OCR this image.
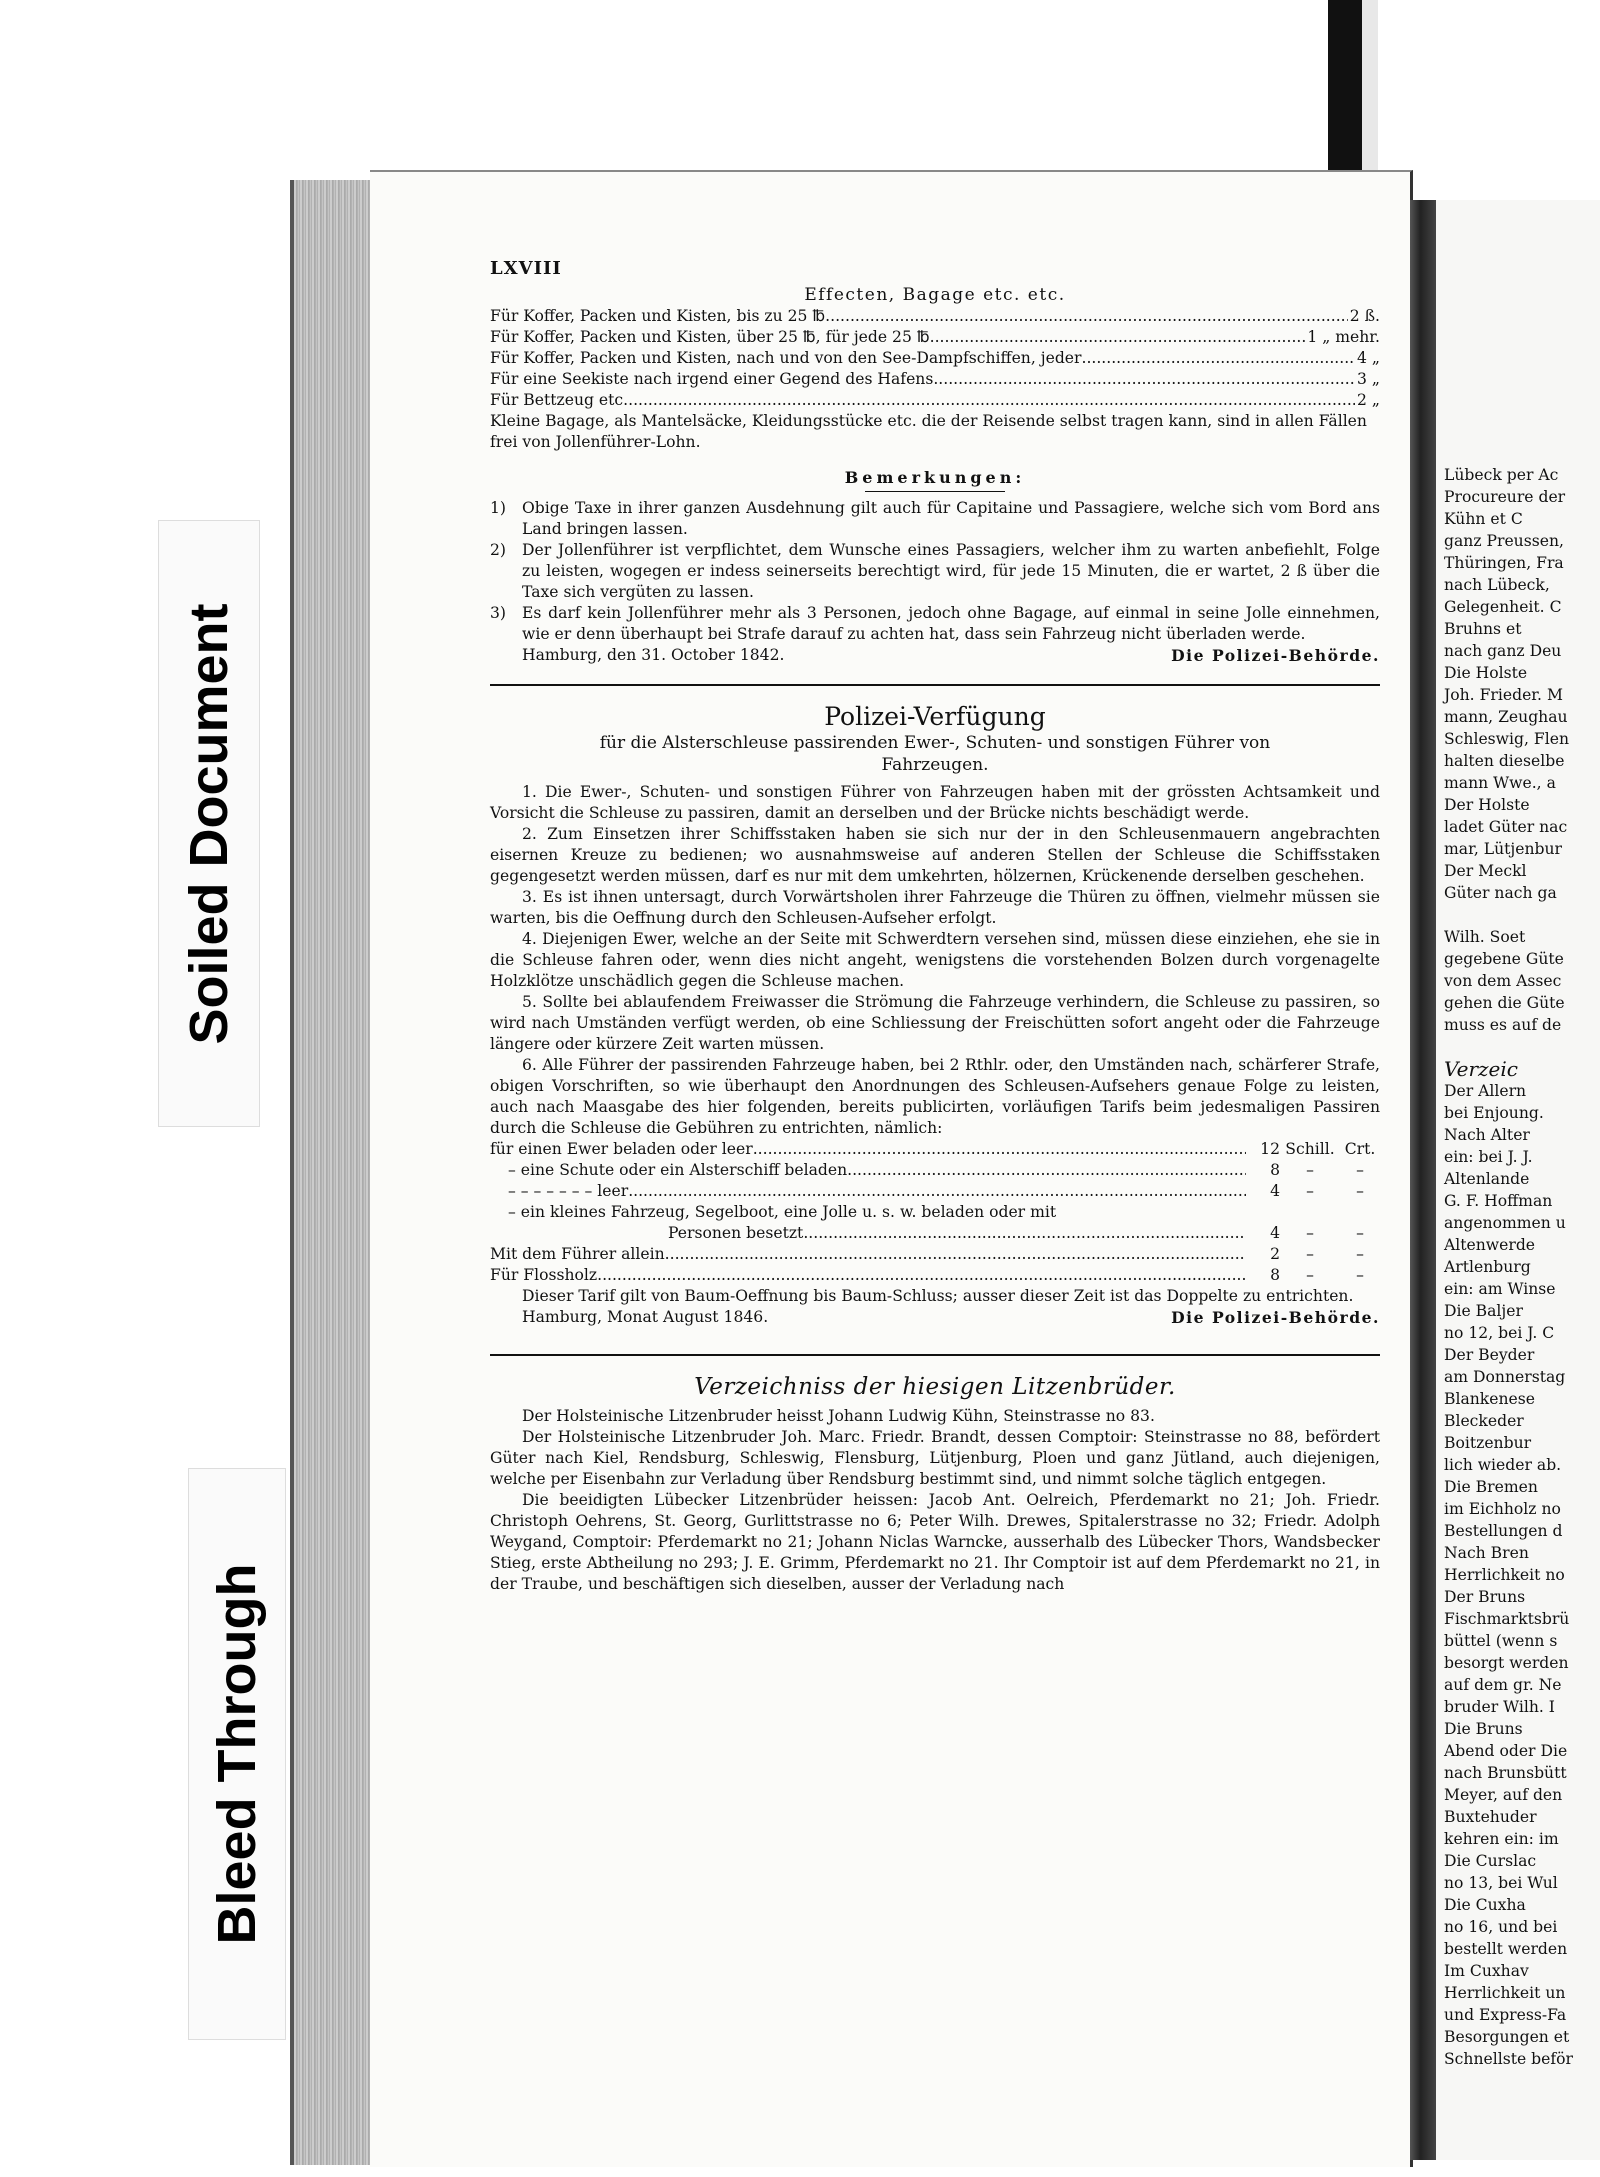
Soiled Document
Bleed Through
LXVIII
Effecten, Bagage etc. etc.
Für Koffer, Packen und Kisten, bis zu 25 ℔ .....	2 ß.
Für Koffer, Packen und Kisten, über 25 ℔, für jede 25 ℔ .....	1 „ mehr.
Für Koffer, Packen und Kisten, nach und von den See-Dampfschiffen, jeder .....	4 „
Für eine Seekiste nach irgend einer Gegend des Hafens .....	3 „
Für Bettzeug etc. .....	2 „
Kleine Bagage, als Mantelsäcke, Kleidungsstücke etc. die der Reisende selbst tragen kann, sind in allen Fällen frei von Jollenführer-Lohn.
Bemerkungen:
1)	Obige Taxe in ihrer ganzen Ausdehnung gilt auch für Capitaine und Passagiere, welche sich vom Bord ans Land bringen lassen.
2)	Der Jollenführer ist verpflichtet, dem Wunsche eines Passagiers, welcher ihm zu warten anbefiehlt, Folge zu leisten, wogegen er indess seinerseits berechtigt wird, für jede 15 Minuten, die er wartet, 2 ß über die Taxe sich vergüten zu lassen.
3)	Es darf kein Jollenführer mehr als 3 Personen, jedoch ohne Bagage, auf einmal in seine Jolle einnehmen, wie er denn überhaupt bei Strafe darauf zu achten hat, dass sein Fahrzeug nicht überladen werde.
Hamburg, den 31. October 1842.	Die Polizei-Behörde.
Polizei-Verfügung
für die Alsterschleuse passirenden Ewer-, Schuten- und sonstigen Führer von Fahrzeugen.
1. Die Ewer-, Schuten- und sonstigen Führer von Fahrzeugen haben mit der grössten Achtsamkeit und Vorsicht die Schleuse zu passiren, damit an derselben und der Brücke nichts beschädigt werde.
2. Zum Einsetzen ihrer Schiffsstaken haben sie sich nur der in den Schleusenmauern angebrachten eisernen Kreuze zu bedienen; wo ausnahmsweise auf anderen Stellen der Schleuse die Schiffsstaken gegengesetzt werden müssen, darf es nur mit dem umkehrten, hölzernen, Krückenende derselben geschehen.
3. Es ist ihnen untersagt, durch Vorwärtsholen ihrer Fahrzeuge die Thüren zu öffnen, vielmehr müssen sie warten, bis die Oeffnung durch den Schleusen-Aufseher erfolgt.
4. Diejenigen Ewer, welche an der Seite mit Schwerdtern versehen sind, müssen diese einziehen, ehe sie in die Schleuse fahren oder, wenn dies nicht angeht, wenigstens die vorstehenden Bolzen durch vorgenagelte Holzklötze unschädlich gegen die Schleuse machen.
5. Sollte bei ablaufendem Freiwasser die Strömung die Fahrzeuge verhindern, die Schleuse zu passiren, so wird nach Umständen verfügt werden, ob eine Schliessung der Freischütten sofort angeht oder die Fahrzeuge längere oder kürzere Zeit warten müssen.
6. Alle Führer der passirenden Fahrzeuge haben, bei 2 Rthlr. oder, den Umständen nach, schärferer Strafe, obigen Vorschriften, so wie überhaupt den Anordnungen des Schleusen-Aufsehers genaue Folge zu leisten, auch nach Maasgabe des hier folgenden, bereits publicirten, vorläufigen Tarifs beim jedesmaligen Passiren durch die Schleuse die Gebühren zu entrichten, nämlich:
für einen Ewer beladen oder leer .....	12 Schill. Crt.
– eine Schute oder ein Alsterschiff beladen .....	8	–	–
– – – – – – – leer .....	4	–	–
– ein kleines Fahrzeug, Segelboot, eine Jolle u. s. w. beladen oder mit
Personen besetzt .....	4	–	–
Mit dem Führer allein .....	2	–	–
Für Flossholz .....	8	–	–
Dieser Tarif gilt von Baum-Oeffnung bis Baum-Schluss; ausser dieser Zeit ist das Doppelte zu entrichten.
Hamburg, Monat August 1846.	Die Polizei-Behörde.
Verzeichniss der hiesigen Litzenbrüder.
Der Holsteinische Litzenbruder heisst Johann Ludwig Kühn, Steinstrasse no 83.
Der Holsteinische Litzenbruder Joh. Marc. Friedr. Brandt, dessen Comptoir: Steinstrasse no 88, befördert Güter nach Kiel, Rendsburg, Schleswig, Flensburg, Lütjenburg, Ploen und ganz Jütland, auch diejenigen, welche per Eisenbahn zur Verladung über Rendsburg bestimmt sind, und nimmt solche täglich entgegen.
Die beeidigten Lübecker Litzenbrüder heissen: Jacob Ant. Oelreich, Pferdemarkt no 21; Joh. Friedr. Christoph Oehrens, St. Georg, Gurlittstrasse no 6; Peter Wilh. Drewes, Spitalerstrasse no 32; Friedr. Adolph Weygand, Comptoir: Pferdemarkt no 21; Johann Niclas Warncke, ausserhalb des Lübecker Thors, Wandsbecker Stieg, erste Abtheilung no 293; J. E. Grimm, Pferdemarkt no 21. Ihr Comptoir ist auf dem Pferdemarkt no 21, in der Traube, und beschäftigen sich dieselben, ausser der Verladung nach
Lübeck per Ac
Procureure der
Kühn et C
ganz Preussen,
Thüringen, Fra
nach Lübeck,
Gelegenheit. C
Bruhns et
nach ganz Deu
Die Holste
Joh. Frieder. M
mann, Zeughau
Schleswig, Flen
halten dieselbe
mann Wwe., a
Der Holste
ladet Güter nac
mar, Lütjenbur
Der Meckl
Güter nach ga
Wilh. Soet
gegebene Güte
von dem Assec
gehen die Güte
muss es auf de
Verzeic
Der Allern
bei Enjoung.
Nach Alter
ein: bei J. J.
Altenlande
G. F. Hoffman
angenommen u
Altenwerde
Artlenburg
ein: am Winse
Die Baljer
no 12, bei J. C
Der Beyder
am Donnerstag
Blankenese
Bleckeder
Boitzenbur
lich wieder ab.
Die Bremen
im Eichholz no
Bestellungen d
Nach Bren
Herrlichkeit no
Der Bruns
Fischmarktsbrü
büttel (wenn s
besorgt werden
auf dem gr. Ne
bruder Wilh. I
Die Bruns
Abend oder Die
nach Brunsbütt
Meyer, auf den
Buxtehuder
kehren ein: im
Die Curslac
no 13, bei Wul
Die Cuxha
no 16, und bei
bestellt werden
Im Cuxhav
Herrlichkeit un
und Express-Fa
Besorgungen et
Schnellste beför
